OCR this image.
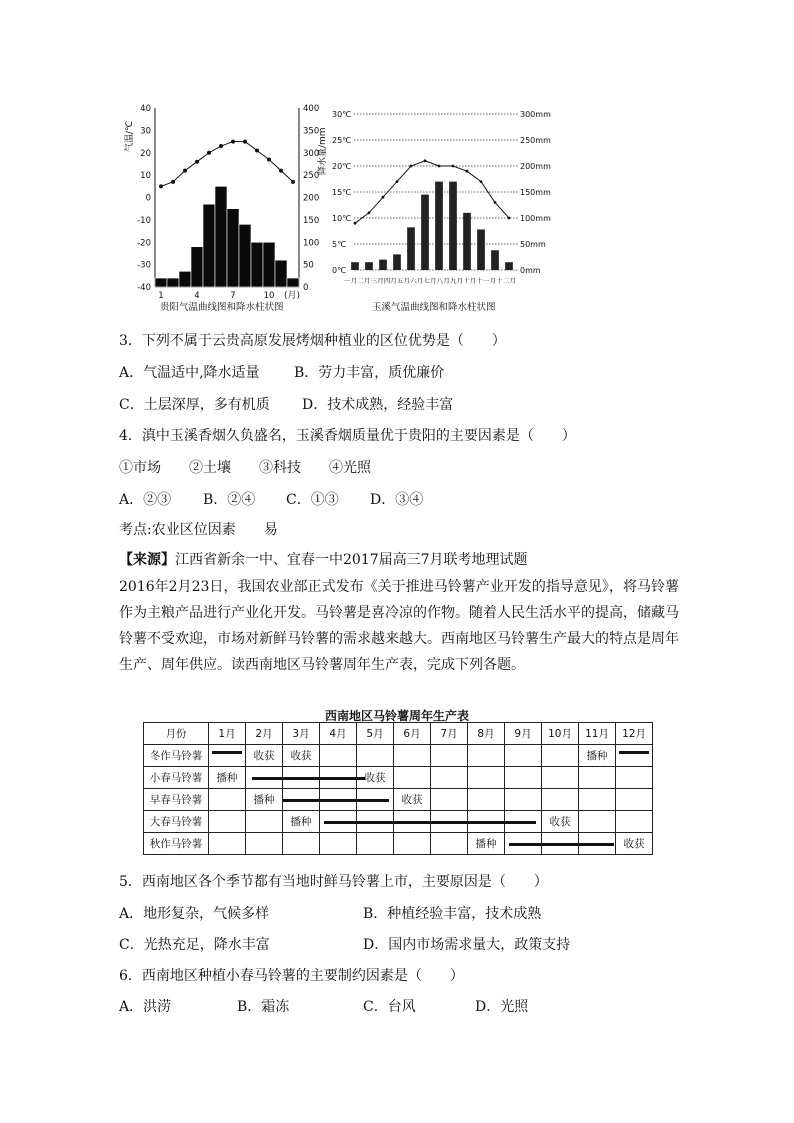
气温/℃	降水量/mm
40
30
20
10
0
-10
-20
-30
-40
400
350
300
250
200
150
100
50
0
1	4	7	10 (月)
贵阳气温曲线图和降水柱状图
30℃
25℃
20℃
15℃
10℃
5℃
0℃
300mm
250mm
200mm
150mm
100mm
50mm
0mm
一月二月三月四月五月六月七月八月九月十月十一月十二月
玉溪气温曲线图和降水柱状图
3．下列不属于云贵高原发展烤烟种植业的区位优势是（　　）
A．气温适中,降水适量 B．劳力丰富，质优廉价
C．土层深厚，多有机质 D．技术成熟，经验丰富
4．滇中玉溪香烟久负盛名，玉溪香烟质量优于贵阳的主要因素是（　　）
①市场　　②土壤　　③科技　　④光照
A．②③ B．②④ C．①③ D．③④
考点:农业区位因素　　易
【来源】江西省新余一中、宜春一中2017届高三7月联考地理试题
2016年2月23日，我国农业部正式发布《关于推进马铃薯产业开发的指导意见》，将马铃薯作为主粮产品进行产业化开发。马铃薯是喜冷凉的作物。随着人民生活水平的提高，储藏马铃薯不受欢迎，市场对新鲜马铃薯的需求越来越大。西南地区马铃薯生产最大的特点是周年生产、周年供应。读西南地区马铃薯周年生产表，完成下列各题。
西南地区马铃薯周年生产表
月份	1月	2月	3月	4月	5月	6月	7月	8月	9月	10月	11月	12月
冬作马铃薯		收获	收获								播种	

小春马铃薯	播种				收获							
早春马铃薯		播种				收获						
大春马铃薯			播种							收获		
秋作马铃薯								播种				收获
5．西南地区各个季节都有当地时鲜马铃薯上市，主要原因是（　　）
A．地形复杂，气候多样	B．种植经验丰富，技术成熟
C．光热充足，降水丰富	D．国内市场需求量大，政策支持
6．西南地区种植小春马铃薯的主要制约因素是（　　）
A．洪涝	B．霜冻	C．台风	D．光照
